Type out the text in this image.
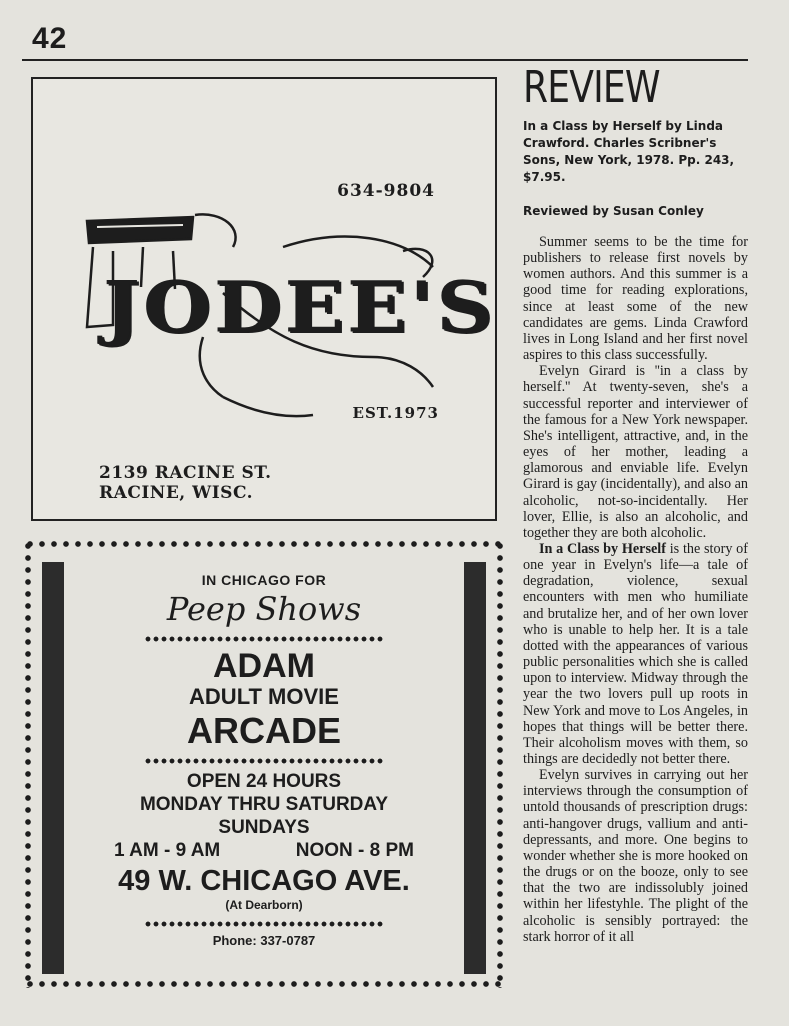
42
634-9804
JODEE'S
EST.1973
2139 RACINE ST.
RACINE, WISC.
IN CHICAGO FOR
Peep Shows
ADAM
ADULT MOVIE
ARCADE
OPEN 24 HOURS
MONDAY THRU SATURDAY
SUNDAYS
1 AM - 9 AM	NOON - 8 PM
49 W. CHICAGO AVE.
(At Dearborn)
Phone: 337-0787
REVIEW

In a Class by Herself by Linda Crawford. Charles Scribner's Sons, New York, 1978. Pp. 243, $7.95.

Reviewed by Susan Conley

Summer seems to be the time for publishers to release first novels by women authors. And this summer is a good time for reading explorations, since at least some of the new candidates are gems. Linda Crawford lives in Long Island and her first novel aspires to this class successfully.

Evelyn Girard is ''in a class by herself.'' At twenty-seven, she's a successful reporter and interviewer of the famous for a New York newspaper. She's intelligent, attractive, and, in the eyes of her mother, leading a glamorous and enviable life. Evelyn Girard is gay (incidentally), and also an alcoholic, not-so-incidentally. Her lover, Ellie, is also an alcoholic, and together they are both alcoholic.

In a Class by Herself is the story of one year in Evelyn's life—a tale of degradation, violence, sexual encounters with men who humiliate and brutalize her, and of her own lover who is unable to help her. It is a tale dotted with the appearances of various public personalities which she is called upon to interview. Midway through the year the two lovers pull up roots in New York and move to Los Angeles, in hopes that things will be better there. Their alcoholism moves with them, so things are decidedly not better there.

Evelyn survives in carrying out her interviews through the consumption of untold thousands of prescription drugs: anti-hangover drugs, vallium and anti-depressants, and more. One begins to wonder whether she is more hooked on the drugs or on the booze, only to see that the two are indissolubly joined within her lifestyhle. The plight of the alcoholic is sensibly portrayed: the stark horror of it all
